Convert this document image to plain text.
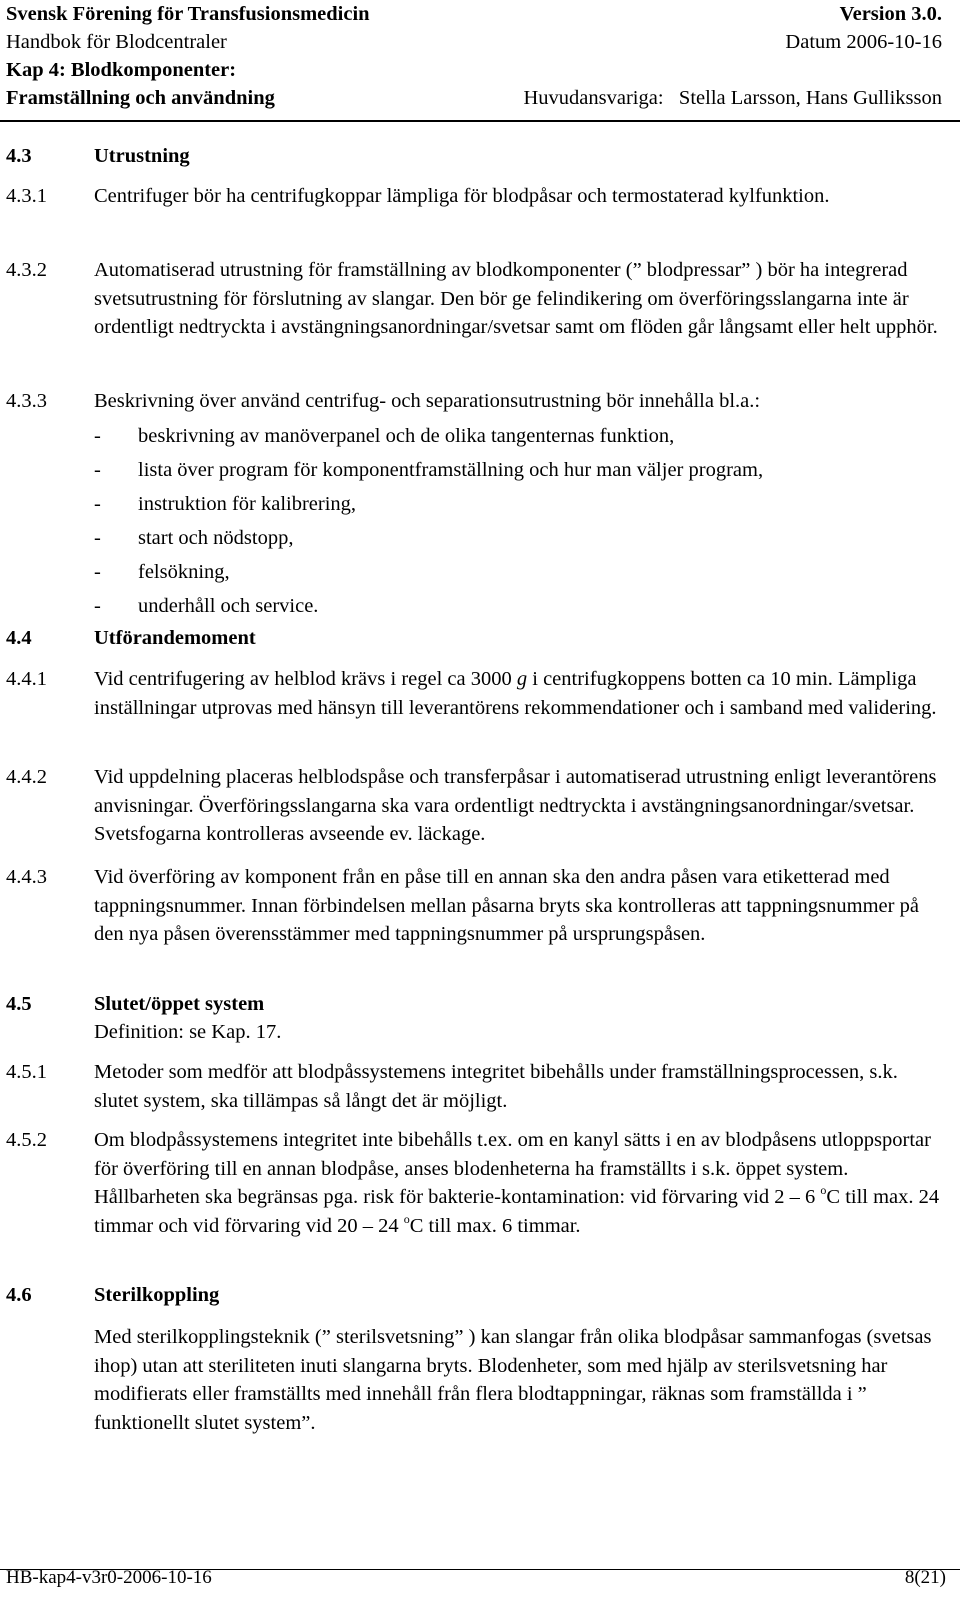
Svensk Förening för Transfusionsmedicin	Version 3.0.
Handbok för Blodcentraler	Datum 2006-10-16
Kap 4: Blodkomponenter:
Framställning och användning	Huvudansvariga: Stella Larsson, Hans Gulliksson
4.3	Utrustning
4.3.1	Centrifuger bör ha centrifugkoppar lämpliga för blodpåsar och termostaterad kylfunktion.
4.3.2	Automatiserad utrustning för framställning av blodkomponenter (” blodpressar” ) bör ha integrerad svetsutrustning för förslutning av slangar. Den bör ge felindikering om överföringsslangarna inte är ordentligt nedtryckta i avstängningsanordningar/svetsar samt om flöden går långsamt eller helt upphör.
4.3.3	Beskrivning över använd centrifug- och separationsutrustning bör innehålla bl.a.:
-	beskrivning av manöverpanel och de olika tangenternas funktion,
-	lista över program för komponentframställning och hur man väljer program,
-	instruktion för kalibrering,
-	start och nödstopp,
-	felsökning,
-	underhåll och service.
4.4	Utförandemoment
4.4.1	Vid centrifugering av helblod krävs i regel ca 3000 g i centrifugkoppens botten ca 10 min. Lämpliga inställningar utprovas med hänsyn till leverantörens rekommendationer och i samband med validering.
4.4.2	Vid uppdelning placeras helblodspåse och transferpåsar i automatiserad utrustning enligt leverantörens anvisningar. Överföringsslangarna ska vara ordentligt nedtryckta i avstängningsanordningar/svetsar. Svetsfogarna kontrolleras avseende ev. läckage.
4.4.3	Vid överföring av komponent från en påse till en annan ska den andra påsen vara etiketterad med tappningsnummer. Innan förbindelsen mellan påsarna bryts ska kontrolleras att tappningsnummer på den nya påsen överensstämmer med tappningsnummer på ursprungspåsen.
4.5	Slutet/öppet system
Definition: se Kap. 17.
4.5.1	Metoder som medför att blodpåssystemens integritet bibehålls under framställningsprocessen, s.k. slutet system, ska tillämpas så långt det är möjligt.
4.5.2	Om blodpåssystemens integritet inte bibehålls t.ex. om en kanyl sätts i en av blodpåsens utloppsportar för överföring till en annan blodpåse, anses blodenheterna ha framställts i s.k. öppet system. Hållbarheten ska begränsas pga. risk för bakterie-kontamination: vid förvaring vid 2 – 6 $^o$C till max. 24 timmar och vid förvaring vid 20 – 24 $^o$C till max. 6 timmar.
4.6	Sterilkoppling
Med sterilkopplingsteknik (” sterilsvetsning” ) kan slangar från olika blodpåsar sammanfogas (svetsas ihop) utan att steriliteten inuti slangarna bryts. Blodenheter, som med hjälp av sterilsvetsning har modifierats eller framställts med innehåll från flera blodtappningar, räknas som framställda i ” funktionellt slutet system”.
HB-kap4-v3r0-2006-10-16	8(21)
